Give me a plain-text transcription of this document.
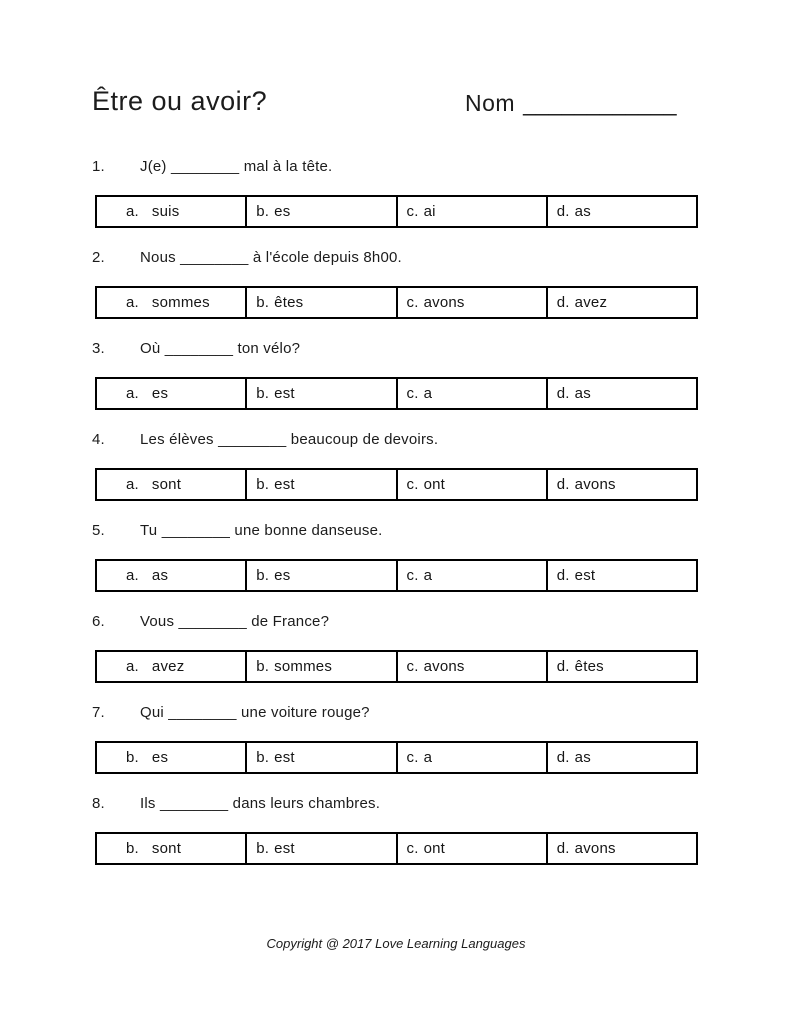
Être ou avoir?	Nom ____________
1. J(e) ________ mal à la tête.
a. suis	b. es	c. ai	d. as
2. Nous ________ à l'école depuis 8h00.
a. sommes	b. êtes	c. avons	d. avez
3. Où ________ ton vélo?
a. es	b. est	c. a	d. as
4. Les élèves ________ beaucoup de devoirs.
a. sont	b. est	c. ont	d. avons
5. Tu ________ une bonne danseuse.
a. as	b. es	c. a	d. est
6. Vous ________ de France?
a. avez	b. sommes	c. avons	d. êtes
7. Qui ________ une voiture rouge?
b. es	b. est	c. a	d. as
8. Ils ________ dans leurs chambres.
b. sont	b. est	c. ont	d. avons
Copyright @ 2017 Love Learning Languages
